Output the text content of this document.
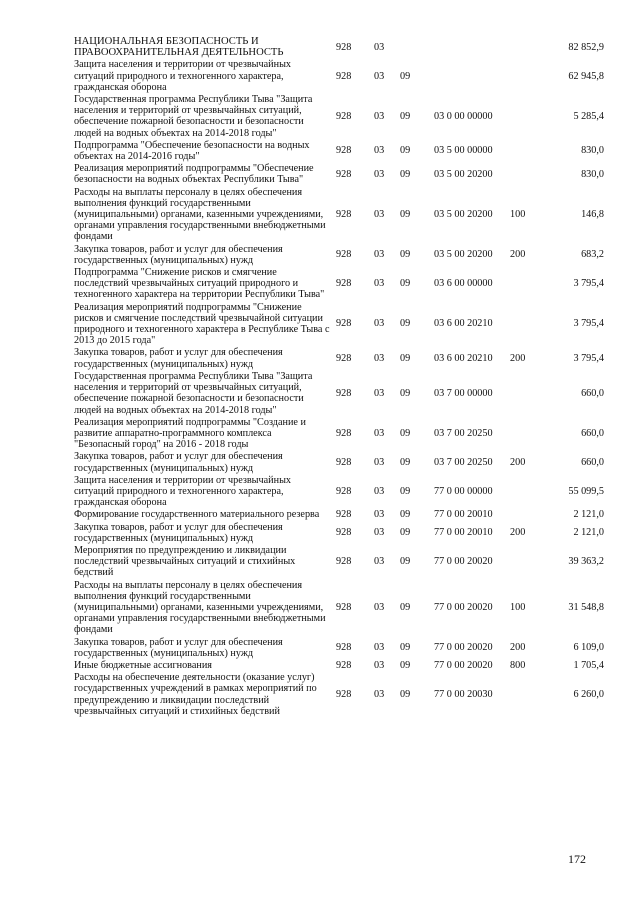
НАЦИОНАЛЬНАЯ БЕЗОПАСНОСТЬ И ПРАВООХРАНИТЕЛЬНАЯ ДЕЯТЕЛЬНОСТЬ	928	03				82 852,9
Защита населения и территории от чрезвычайных ситуаций природного и техногенного характера, гражданская оборона	928	03	09			62 945,8
Государственная программа Республики Тыва "Защита населения и территорий от чрезвычайных ситуаций, обеспечение пожарной безопасности и безопасности людей на водных объектах на 2014-2018 годы"	928	03	09	03 0 00 00000		5 285,4
Подпрограмма "Обеспечение безопасности на водных объектах на 2014-2016 годы"	928	03	09	03 5 00 00000		830,0
Реализация мероприятий подпрограммы "Обеспечение безопасности на водных объектах Республики Тыва"	928	03	09	03 5 00 20200		830,0
Расходы на выплаты персоналу в целях обеспечения выполнения функций государственными (муниципальными) органами, казенными учреждениями, органами управления государственными внебюджетными фондами	928	03	09	03 5 00 20200	100	146,8
Закупка товаров, работ и услуг для обеспечения государственных (муниципальных) нужд	928	03	09	03 5 00 20200	200	683,2
Подпрограмма "Снижение рисков и смягчение последствий чрезвычайных ситуаций природного и техногенного характера на территории Республики Тыва"	928	03	09	03 6 00 00000		3 795,4
Реализация мероприятий подпрограммы "Снижение рисков и смягчение последствий чрезвычайной ситуации природного и техногенного характера в Республике Тыва с 2013 до 2015 года"	928	03	09	03 6 00 20210		3 795,4
Закупка товаров, работ и услуг для обеспечения государственных (муниципальных) нужд	928	03	09	03 6 00 20210	200	3 795,4
Государственная программа Республики Тыва "Защита населения и территорий от чрезвычайных ситуаций, обеспечение пожарной безопасности и безопасности людей на водных объектах на 2014-2018 годы"	928	03	09	03 7 00 00000		660,0
Реализация мероприятий подпрограммы "Создание и развитие аппаратно-программного комплекса "Безопасный город" на 2016 - 2018 годы	928	03	09	03 7 00 20250		660,0
Закупка товаров, работ и услуг для обеспечения государственных (муниципальных) нужд	928	03	09	03 7 00 20250	200	660,0
Защита населения и территории от чрезвычайных ситуаций природного и техногенного характера, гражданская оборона	928	03	09	77 0 00 00000		55 099,5
Формирование государственного материального резерва	928	03	09	77 0 00 20010		2 121,0
Закупка товаров, работ и услуг для обеспечения государственных (муниципальных) нужд	928	03	09	77 0 00 20010	200	2 121,0
Мероприятия по предупреждению и ликвидации последствий чрезвычайных ситуаций и стихийных бедствий	928	03	09	77 0 00 20020		39 363,2
Расходы на выплаты персоналу в целях обеспечения выполнения функций государственными (муниципальными) органами, казенными учреждениями, органами управления государственными внебюджетными фондами	928	03	09	77 0 00 20020	100	31 548,8
Закупка товаров, работ и услуг для обеспечения государственных (муниципальных) нужд	928	03	09	77 0 00 20020	200	6 109,0
Иные бюджетные ассигнования	928	03	09	77 0 00 20020	800	1 705,4
Расходы на обеспечение деятельности (оказание услуг) государственных учреждений в рамках мероприятий по предупреждению и ликвидации последствий чрезвычайных ситуаций и стихийных бедствий	928	03	09	77 0 00 20030		6 260,0
172
